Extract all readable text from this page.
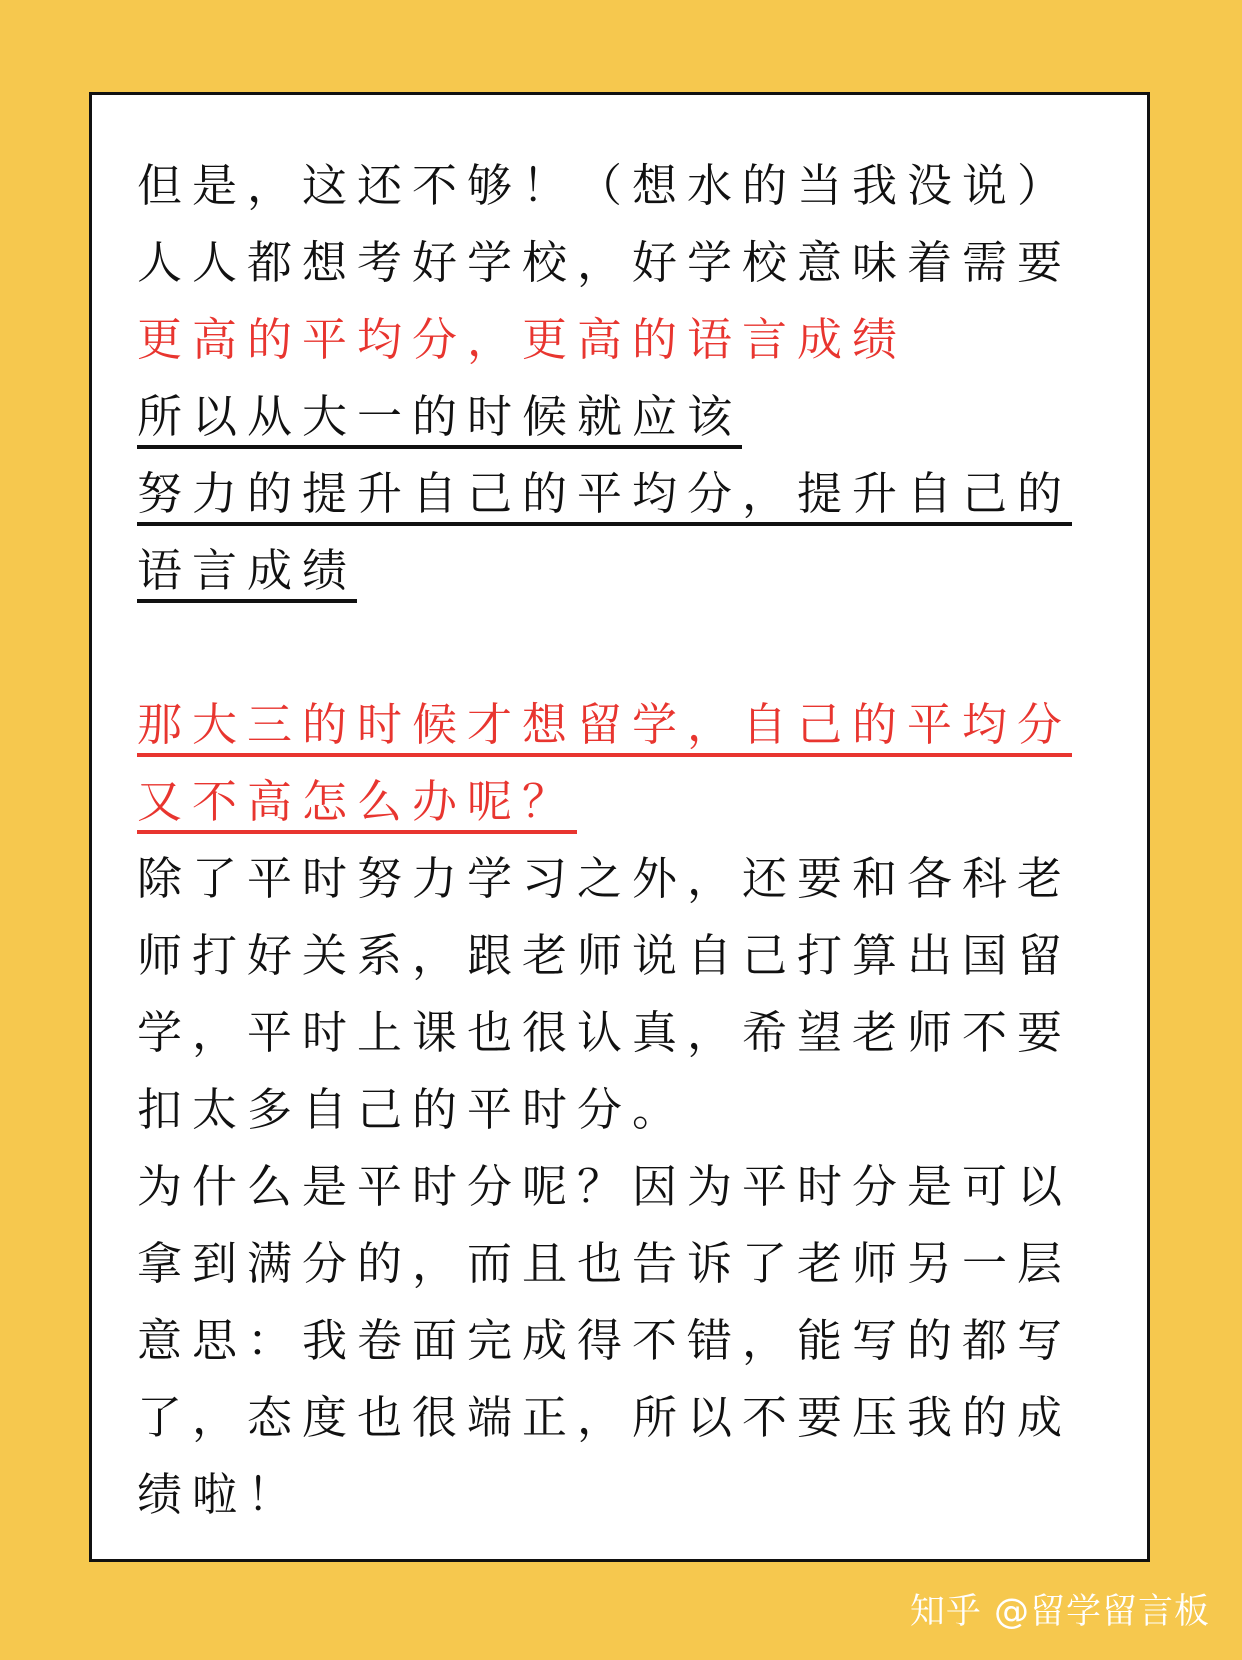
但是，这还不够！（想水的当我没说）
人人都想考好学校，好学校意味着需要
更高的平均分，更高的语言成绩
所以从大一的时候就应该
努力的提升自己的平均分，提升自己的
语言成绩
那大三的时候才想留学，自己的平均分
又不高怎么办呢？
除了平时努力学习之外，还要和各科老
师打好关系，跟老师说自己打算出国留
学，平时上课也很认真，希望老师不要
扣太多自己的平时分。
为什么是平时分呢？因为平时分是可以
拿到满分的，而且也告诉了老师另一层
意思：我卷面完成得不错，能写的都写
了，态度也很端正，所以不要压我的成
绩啦！
知乎 @留学留言板
